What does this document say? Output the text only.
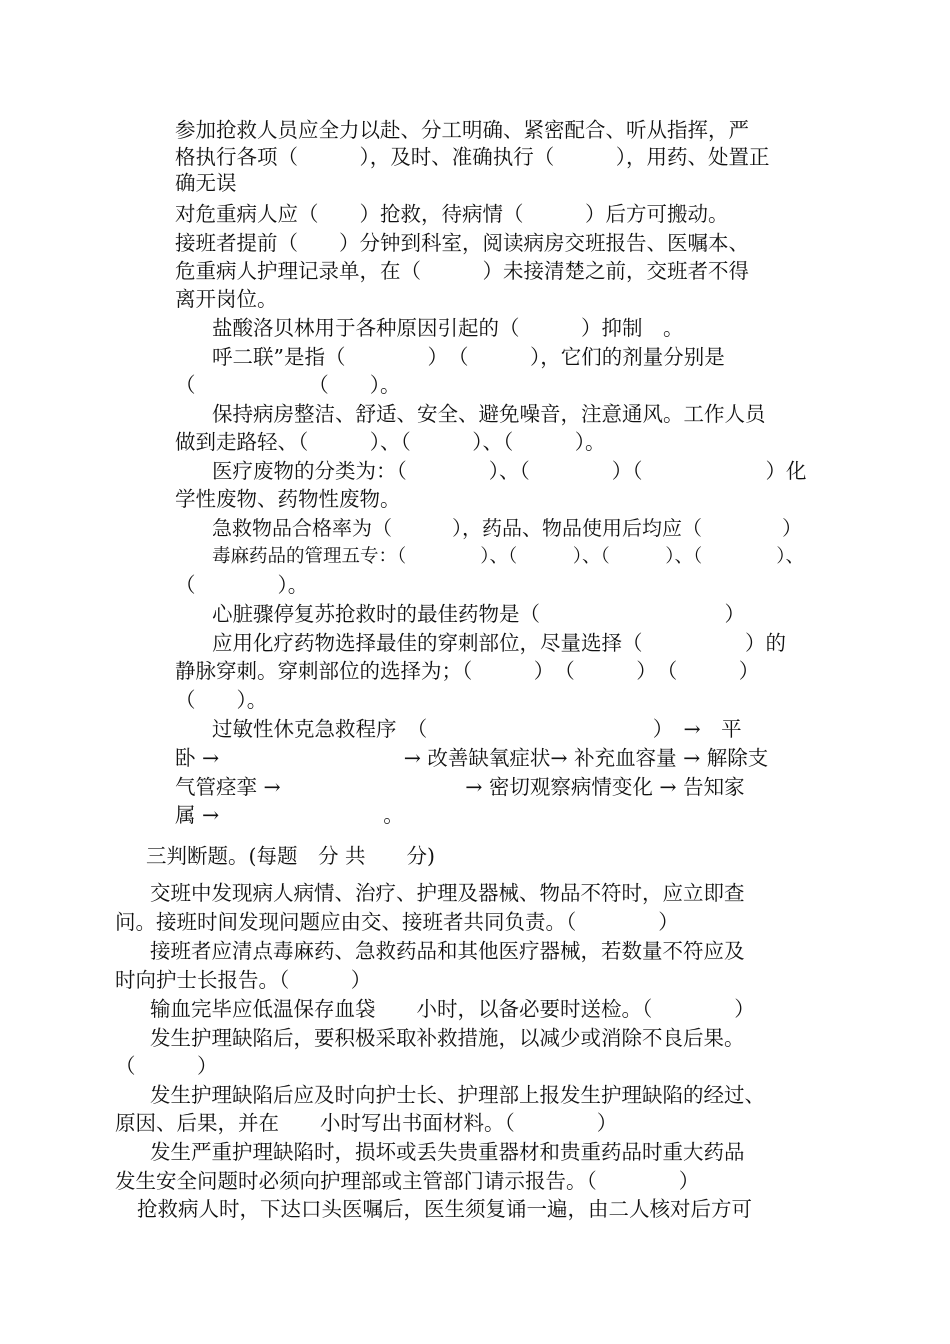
参加抢救人员应全力以赴、分工明确、紧密配合、听从指挥，严
格执行各项（　　　），及时、准确执行（　　　），用药、处置正
确无误
对危重病人应（　　）抢救，待病情（　　　）后方可搬动。
接班者提前（　　）分钟到科室，阅读病房交班报告、医嘱本、
危重病人护理记录单，在（　　　）未接清楚之前，交班者不得
离开岗位。
盐酸洛贝林用于各种原因引起的（　　　）抑制　。
呼二联”是指（　　　　）　（　　　），它们的剂量分别是
（　　　　　　（　　）。
保持病房整洁、舒适、安全、避免噪音，注意通风。工作人员
做到走路轻、（　　　）、（　　　）、（　　　）。
医疗废物的分类为：（　　　　）、（　　　　）（　　　　　　）化
学性废物、药物性废物。
急救物品合格率为（　　　），药品、物品使用后均应（　　　　）
毒麻药品的管理五专：（　　　　）、（　　　）、（　　　）、（　　　　）、
（　　　　）。
心脏骤停复苏抢救时的最佳药物是（　　　　　　　　　）
应用化疗药物选择最佳的穿刺部位，尽量选择（　　　　　）的
静脉穿刺。穿刺部位的选择为；（　　　）　（　　　）　（　　　）
（　　）。
过敏性休克急救程序　（　　　　　　　　　　　）　→　平
卧 →　　　　　　　　　→ 改善缺氧症状→ 补充血容量 → 解除支
气管痉挛 →　　　　　　　　　→ 密切观察病情变化 → 告知家
属 →　　　　　　　　。
三判断题。(每题　分 共　　分)
交班中发现病人病情、治疗、护理及器械、物品不符时，应立即查
问。接班时间发现问题应由交、接班者共同负责。（　　　　）
接班者应清点毒麻药、急救药品和其他医疗器械，若数量不符应及
时向护士长报告。（　　　）
输血完毕应低温保存血袋　　小时，以备必要时送检。（　　　　）
发生护理缺陷后，要积极采取补救措施，以减少或消除不良后果。
（　　　）
发生护理缺陷后应及时向护士长、护理部上报发生护理缺陷的经过、
原因、后果，并在　　小时写出书面材料。（　　　　）
发生严重护理缺陷时，损坏或丢失贵重器材和贵重药品时重大药品
发生安全问题时必须向护理部或主管部门请示报告。（　　　　）
抢救病人时，下达口头医嘱后，医生须复诵一遍，由二人核对后方可
